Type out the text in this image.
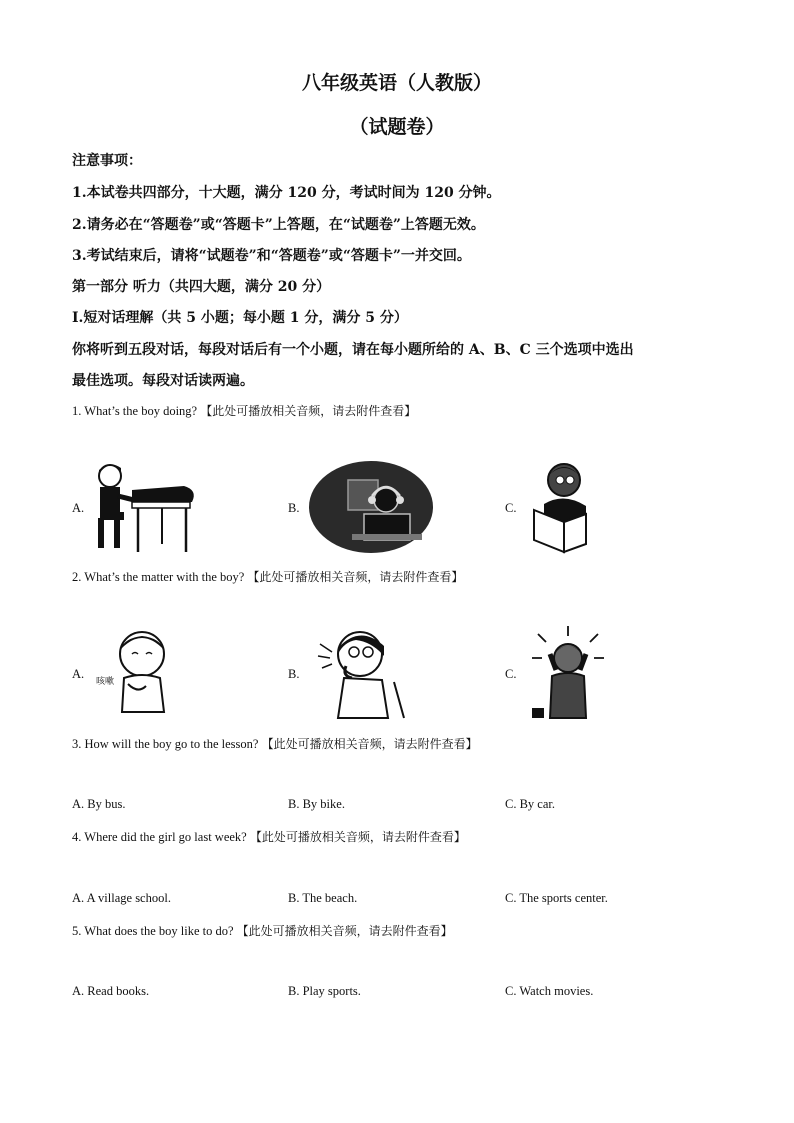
八年级英语（人教版）
（试题卷）
注意事项：
1.本试卷共四部分，十大题，满分 120 分，考试时间为 120 分钟。
2.请务必在“答题卷”或“答题卡”上答题，在“试题卷”上答题无效。
3.考试结束后，请将“试题卷”和“答题卷”或“答题卡”一并交回。
第一部分 听力（共四大题，满分 20 分）
Ⅰ.短对话理解（共 5 小题；每小题 1 分，满分 5 分）
你将听到五段对话，每段对话后有一个小题，请在每小题所给的 A、B、C 三个选项中选出
最佳选项。每段对话读两遍。
1. What’s the boy doing? 【此处可播放相关音频，请去附件查看】
A.	B.	C.
2. What’s the matter with the boy? 【此处可播放相关音频，请去附件查看】
A.	B.	C.
咳嗽
3. How will the boy go to the lesson? 【此处可播放相关音频，请去附件查看】
A. By bus.	B. By bike.	C. By car.
4. Where did the girl go last week? 【此处可播放相关音频，请去附件查看】
A. A village school.	B. The beach.	C. The sports center.
5. What does the boy like to do? 【此处可播放相关音频，请去附件查看】
A. Read books.	B. Play sports.	C. Watch movies.
